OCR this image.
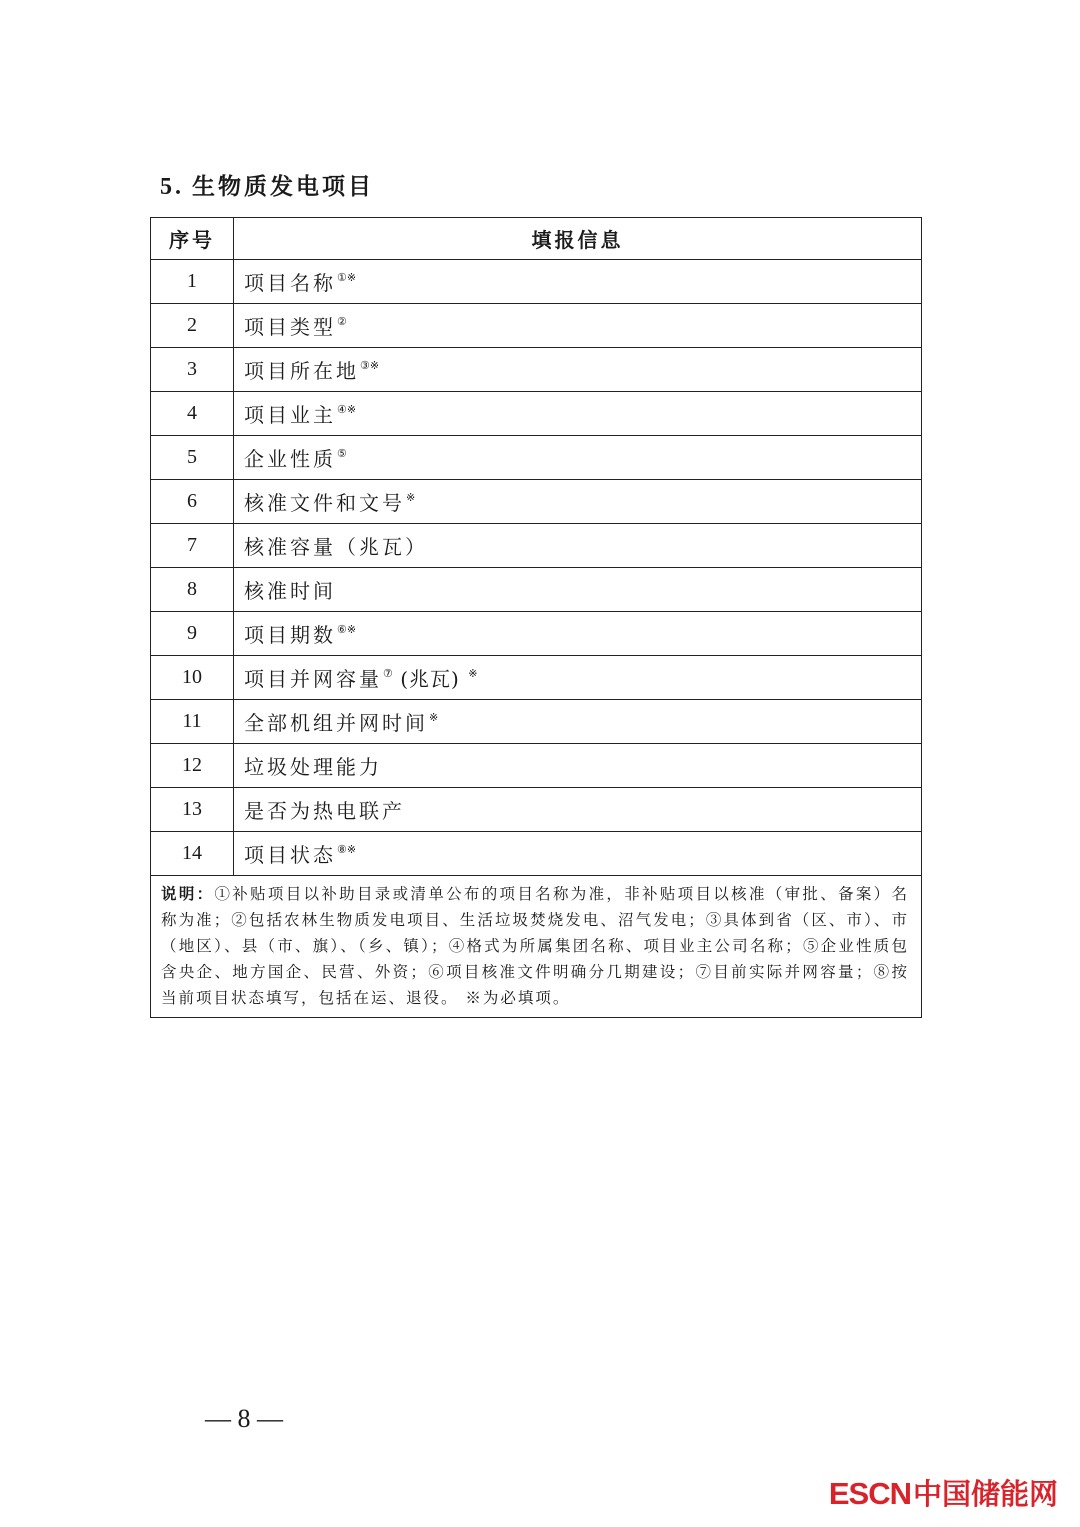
5. 生物质发电项目
序号	填报信息
1	项目名称①※
2	项目类型②
3	项目所在地③※
4	项目业主④※
5	企业性质⑤
6	核准文件和文号※
7	核准容量（兆瓦）
8	核准时间
9	项目期数⑥※
10	项目并网容量⑦ (兆瓦) ※
11	全部机组并网时间※
12	垃圾处理能力
13	是否为热电联产
14	项目状态⑧※
说明：①补贴项目以补助目录或清单公布的项目名称为准，非补贴项目以核准（审批、备案）名称为准；②包括农林生物质发电项目、生活垃圾焚烧发电、沼气发电；③具体到省（区、市）、市（地区）、县（市、旗）、（乡、镇）；④格式为所属集团名称、项目业主公司名称；⑤企业性质包含央企、地方国企、民营、外资；⑥项目核准文件明确分几期建设；⑦目前实际并网容量；⑧按当前项目状态填写，包括在运、退役。 ※为必填项。	
— 8 —
ESCN中国储能网
